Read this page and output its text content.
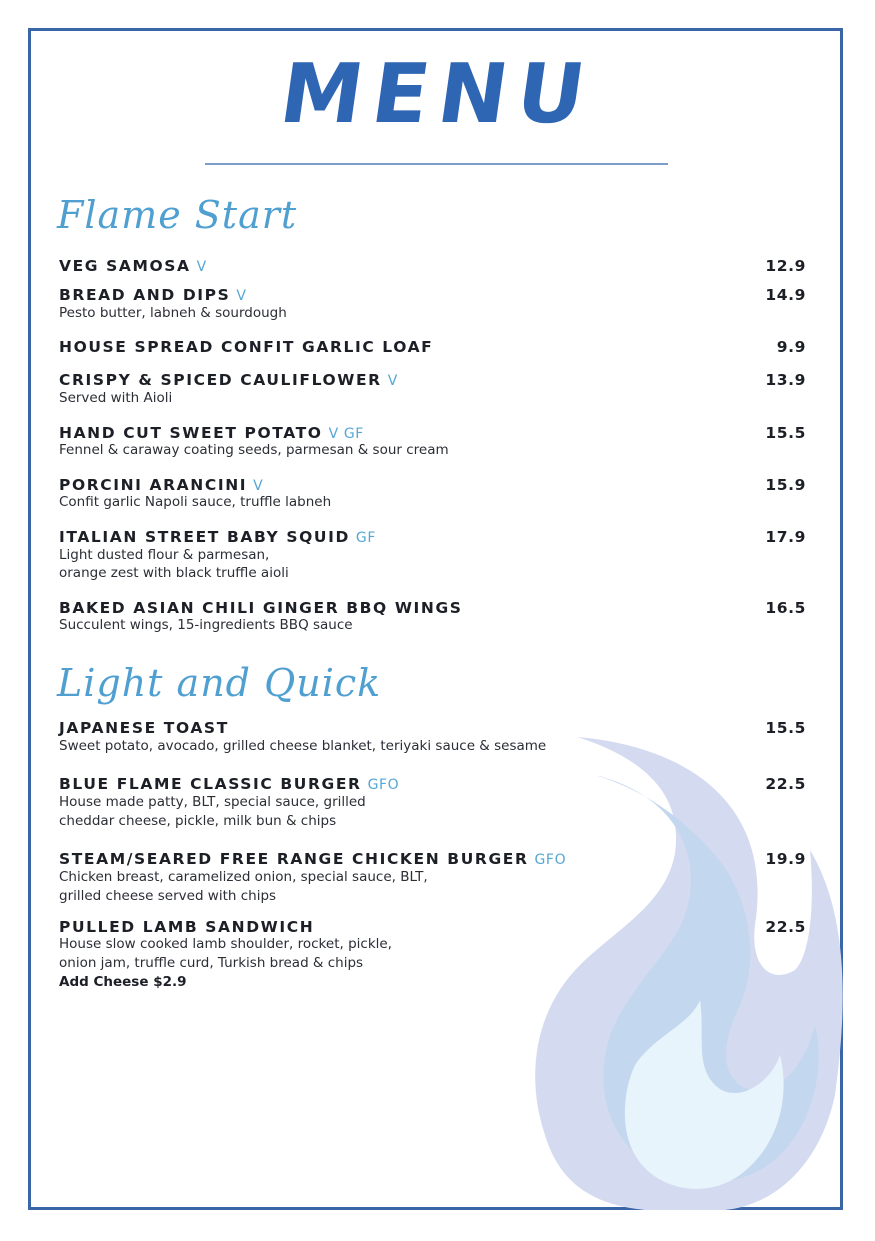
MENU
Flame Start
VEG SAMOSA V	12.9
BREAD AND DIPS V	14.9
Pesto butter, labneh & sourdough
HOUSE SPREAD CONFIT GARLIC LOAF	9.9
CRISPY & SPICED CAULIFLOWER V	13.9
Served with Aioli
HAND CUT SWEET POTATO V GF	15.5
Fennel & caraway coating seeds, parmesan & sour cream
PORCINI ARANCINI V	15.9
Confit garlic Napoli sauce, truffle labneh
ITALIAN STREET BABY SQUID GF	17.9
Light dusted flour & parmesan,
orange zest with black truffle aioli
BAKED ASIAN CHILI GINGER BBQ WINGS	16.5
Succulent wings, 15-ingredients BBQ sauce
Light and Quick
JAPANESE TOAST	15.5
Sweet potato, avocado, grilled cheese blanket, teriyaki sauce & sesame
BLUE FLAME CLASSIC BURGER GFO	22.5
House made patty, BLT, special sauce, grilled
cheddar cheese, pickle, milk bun & chips
STEAM/SEARED FREE RANGE CHICKEN BURGER GFO	19.9
Chicken breast, caramelized onion, special sauce, BLT,
grilled cheese served with chips
PULLED LAMB SANDWICH	22.5
House slow cooked lamb shoulder, rocket, pickle,
onion jam, truffle curd, Turkish bread & chips
Add Cheese $2.9
